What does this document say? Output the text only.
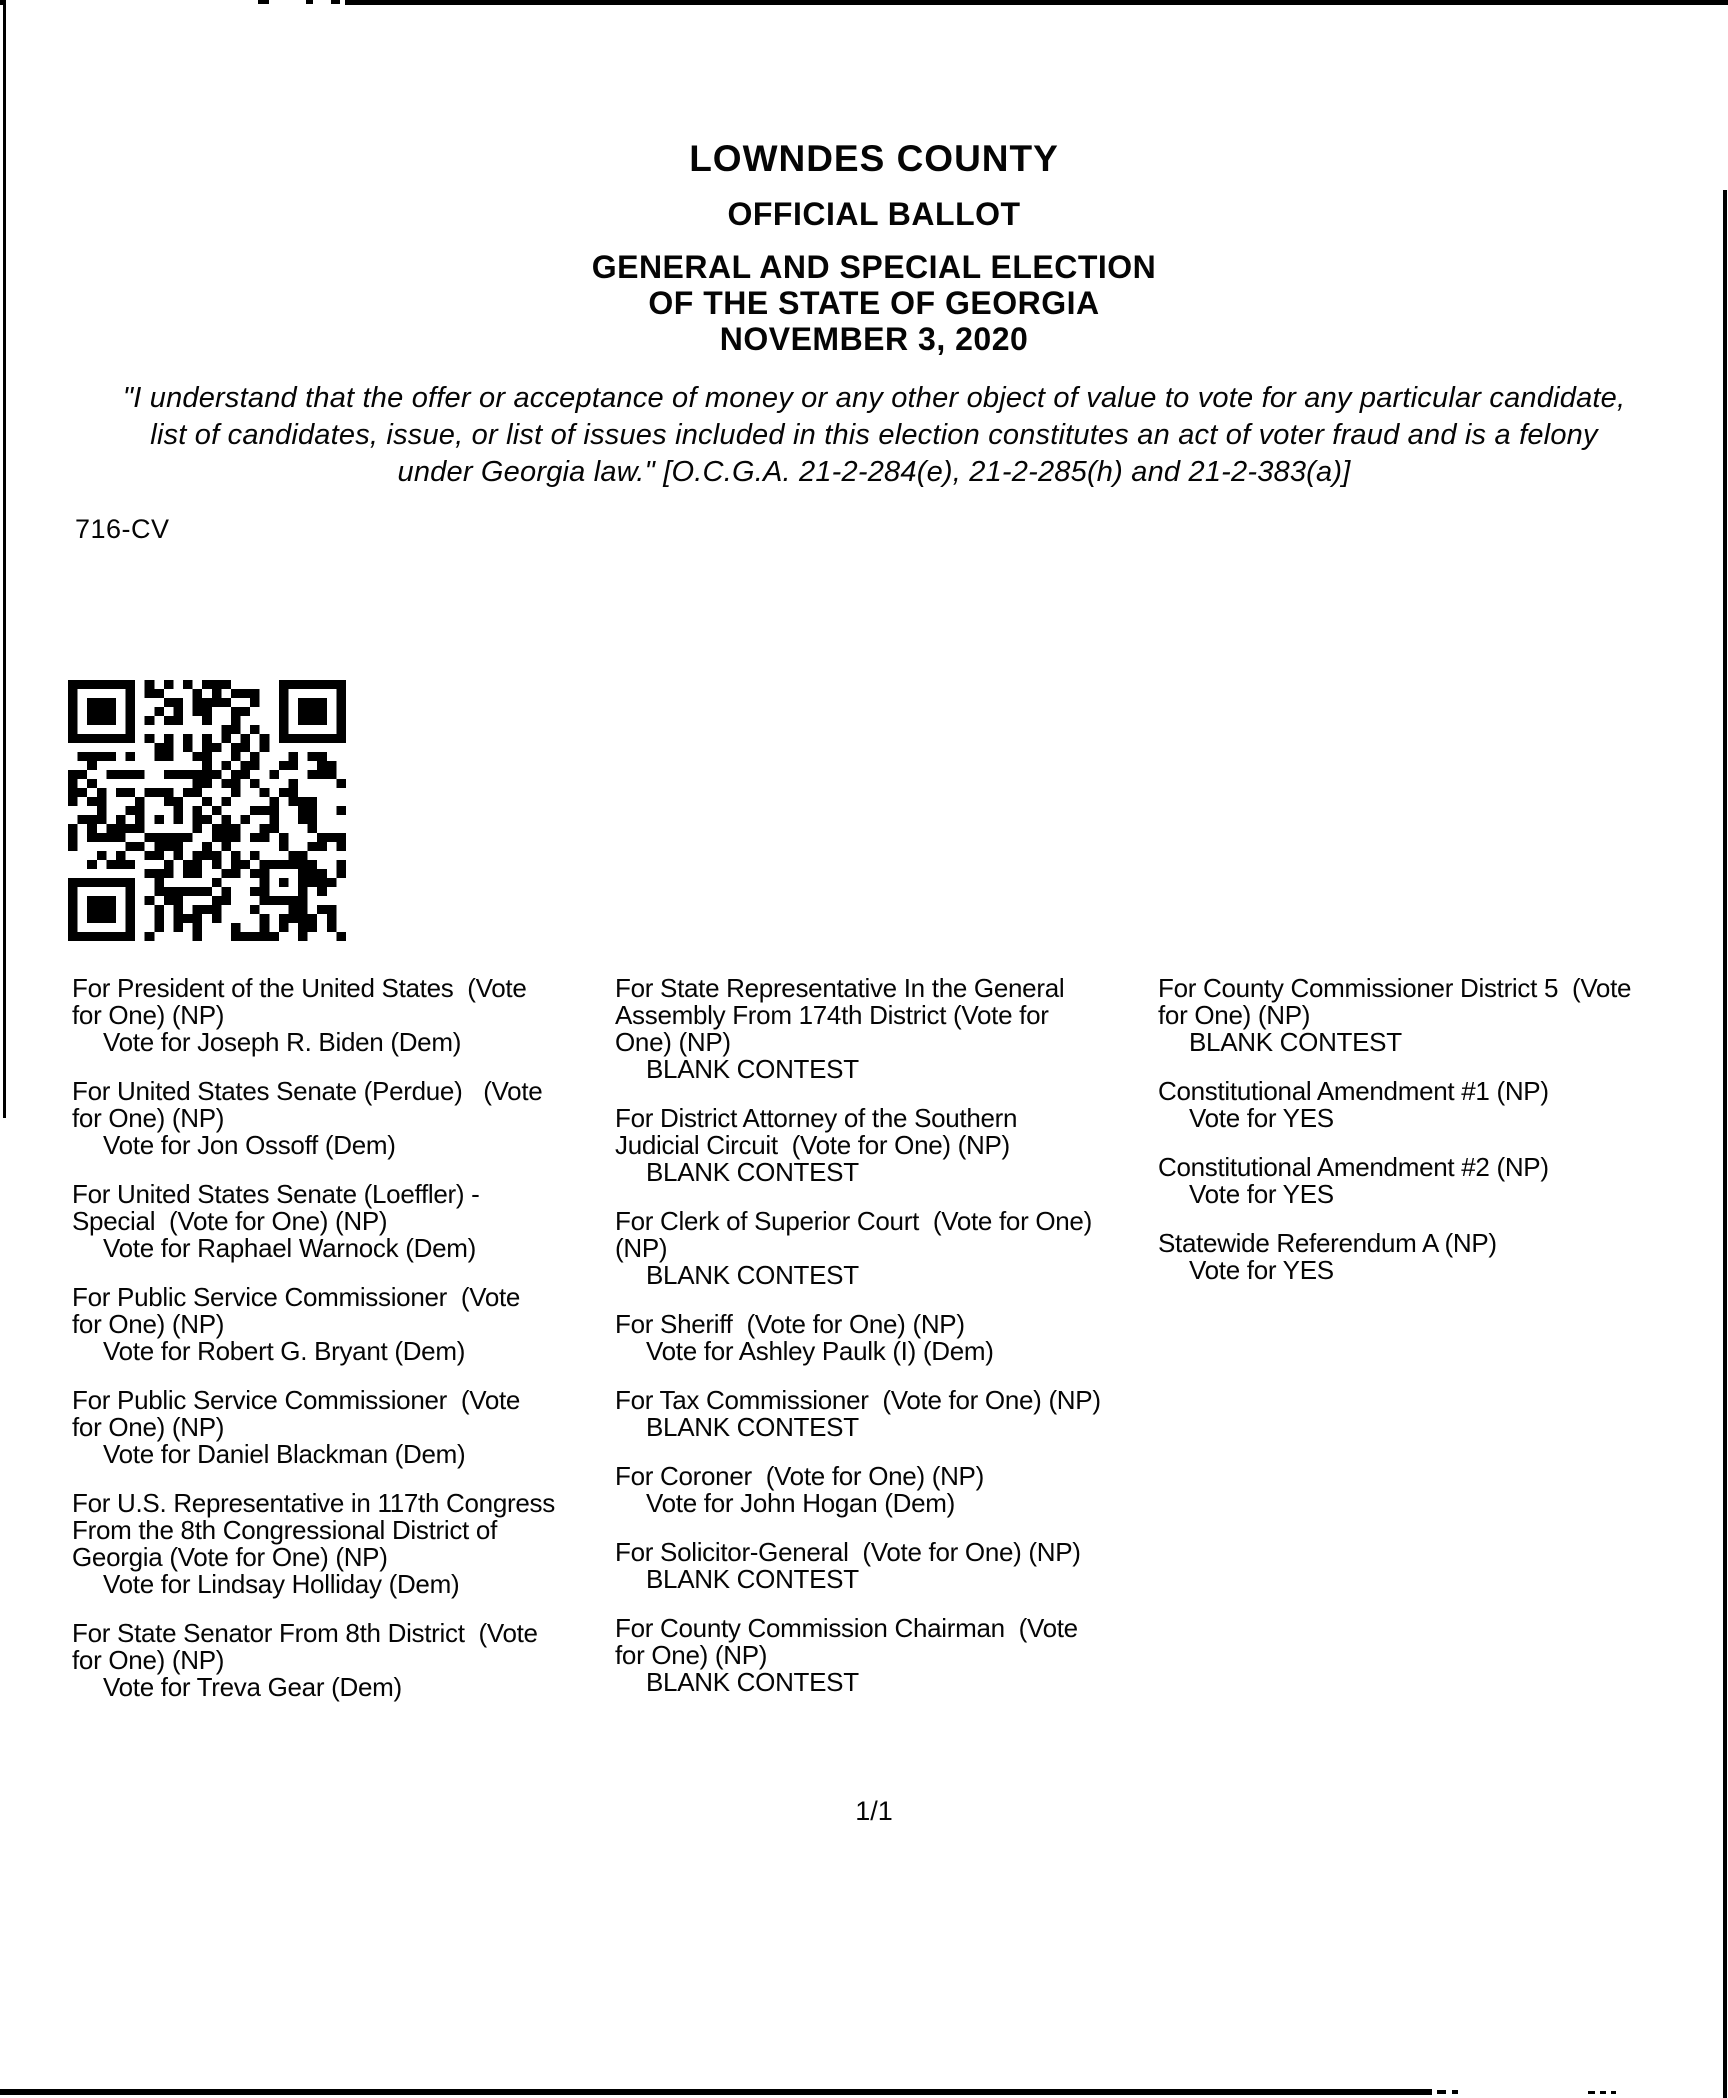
LOWNDES COUNTY
OFFICIAL BALLOT
GENERAL AND SPECIAL ELECTION
OF THE STATE OF GEORGIA
NOVEMBER 3, 2020
"I understand that the offer or acceptance of money or any other object of value to vote for any particular candidate,
list of candidates, issue, or list of issues included in this election constitutes an act of voter fraud and is a felony
under Georgia law." [O.C.G.A. 21-2-284(e), 21-2-285(h) and 21-2-383(a)]
716-CV
For President of the United States  (Vote
for One) (NP)
Vote for Joseph R. Biden (Dem)
For United States Senate (Perdue)   (Vote
for One) (NP)
Vote for Jon Ossoff (Dem)
For United States Senate (Loeffler) -
Special  (Vote for One) (NP)
Vote for Raphael Warnock (Dem)
For Public Service Commissioner  (Vote
for One) (NP)
Vote for Robert G. Bryant (Dem)
For Public Service Commissioner  (Vote
for One) (NP)
Vote for Daniel Blackman (Dem)
For U.S. Representative in 117th Congress
From the 8th Congressional District of
Georgia (Vote for One) (NP)
Vote for Lindsay Holliday (Dem)
For State Senator From 8th District  (Vote
for One) (NP)
Vote for Treva Gear (Dem)
For State Representative In the General
Assembly From 174th District (Vote for
One) (NP)
BLANK CONTEST
For District Attorney of the Southern
Judicial Circuit  (Vote for One) (NP)
BLANK CONTEST
For Clerk of Superior Court  (Vote for One)
(NP)
BLANK CONTEST
For Sheriff  (Vote for One) (NP)
Vote for Ashley Paulk (I) (Dem)
For Tax Commissioner  (Vote for One) (NP)
BLANK CONTEST
For Coroner  (Vote for One) (NP)
Vote for John Hogan (Dem)
For Solicitor-General  (Vote for One) (NP)
BLANK CONTEST
For County Commission Chairman  (Vote
for One) (NP)
BLANK CONTEST
For County Commissioner District 5  (Vote
for One) (NP)
BLANK CONTEST
Constitutional Amendment #1 (NP)
Vote for YES
Constitutional Amendment #2 (NP)
Vote for YES
Statewide Referendum A (NP)
Vote for YES
1/1
